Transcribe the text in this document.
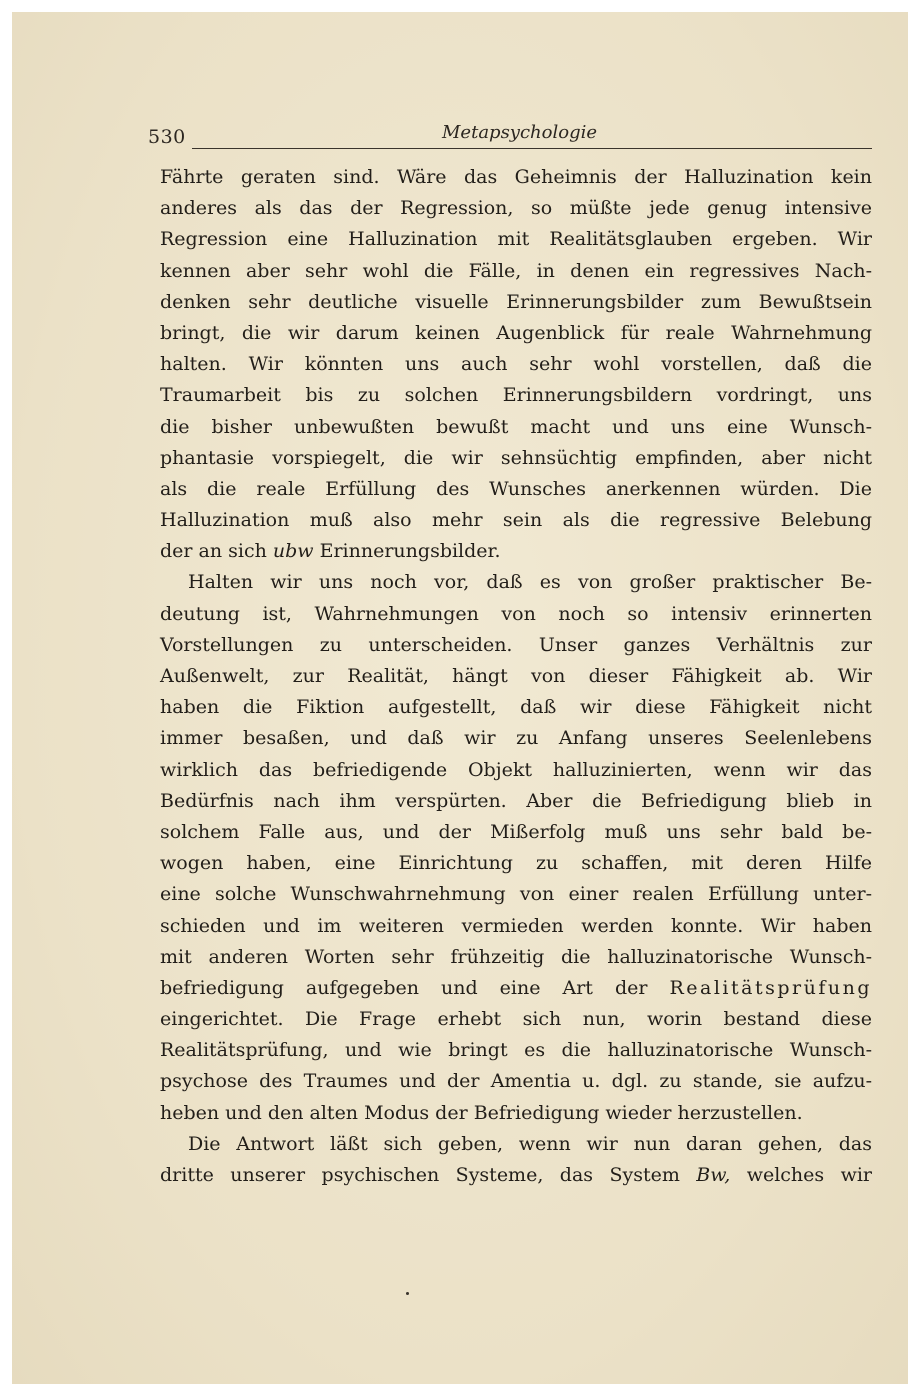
530	Metapsychologie
Fährte geraten sind. Wäre das Geheimnis der Halluzination kein
anderes als das der Regression, so müßte jede genug intensive
Regression eine Halluzination mit Realitätsglauben ergeben. Wir
kennen aber sehr wohl die Fälle, in denen ein regressives Nach-
denken sehr deutliche visuelle Erinnerungsbilder zum Bewußtsein
bringt, die wir darum keinen Augenblick für reale Wahrnehmung
halten. Wir könnten uns auch sehr wohl vorstellen, daß die
Traumarbeit bis zu solchen Erinnerungsbildern vordringt, uns
die bisher unbewußten bewußt macht und uns eine Wunsch-
phantasie vorspiegelt, die wir sehnsüchtig empfinden, aber nicht
als die reale Erfüllung des Wunsches anerkennen würden. Die
Halluzination muß also mehr sein als die regressive Belebung
der an sich ubw Erinnerungsbilder.
Halten wir uns noch vor, daß es von großer praktischer Be-
deutung ist, Wahrnehmungen von noch so intensiv erinnerten
Vorstellungen zu unterscheiden. Unser ganzes Verhältnis zur
Außenwelt, zur Realität, hängt von dieser Fähigkeit ab. Wir
haben die Fiktion aufgestellt, daß wir diese Fähigkeit nicht
immer besaßen, und daß wir zu Anfang unseres Seelenlebens
wirklich das befriedigende Objekt halluzinierten, wenn wir das
Bedürfnis nach ihm verspürten. Aber die Befriedigung blieb in
solchem Falle aus, und der Mißerfolg muß uns sehr bald be-
wogen haben, eine Einrichtung zu schaffen, mit deren Hilfe
eine solche Wunschwahrnehmung von einer realen Erfüllung unter-
schieden und im weiteren vermieden werden konnte. Wir haben
mit anderen Worten sehr frühzeitig die halluzinatorische Wunsch-
befriedigung aufgegeben und eine Art der Realitätsprüfung
eingerichtet. Die Frage erhebt sich nun, worin bestand diese
Realitätsprüfung, und wie bringt es die halluzinatorische Wunsch-
psychose des Traumes und der Amentia u. dgl. zu stande, sie aufzu-
heben und den alten Modus der Befriedigung wieder herzustellen.
Die Antwort läßt sich geben, wenn wir nun daran gehen, das
dritte unserer psychischen Systeme, das System Bw, welches wir
